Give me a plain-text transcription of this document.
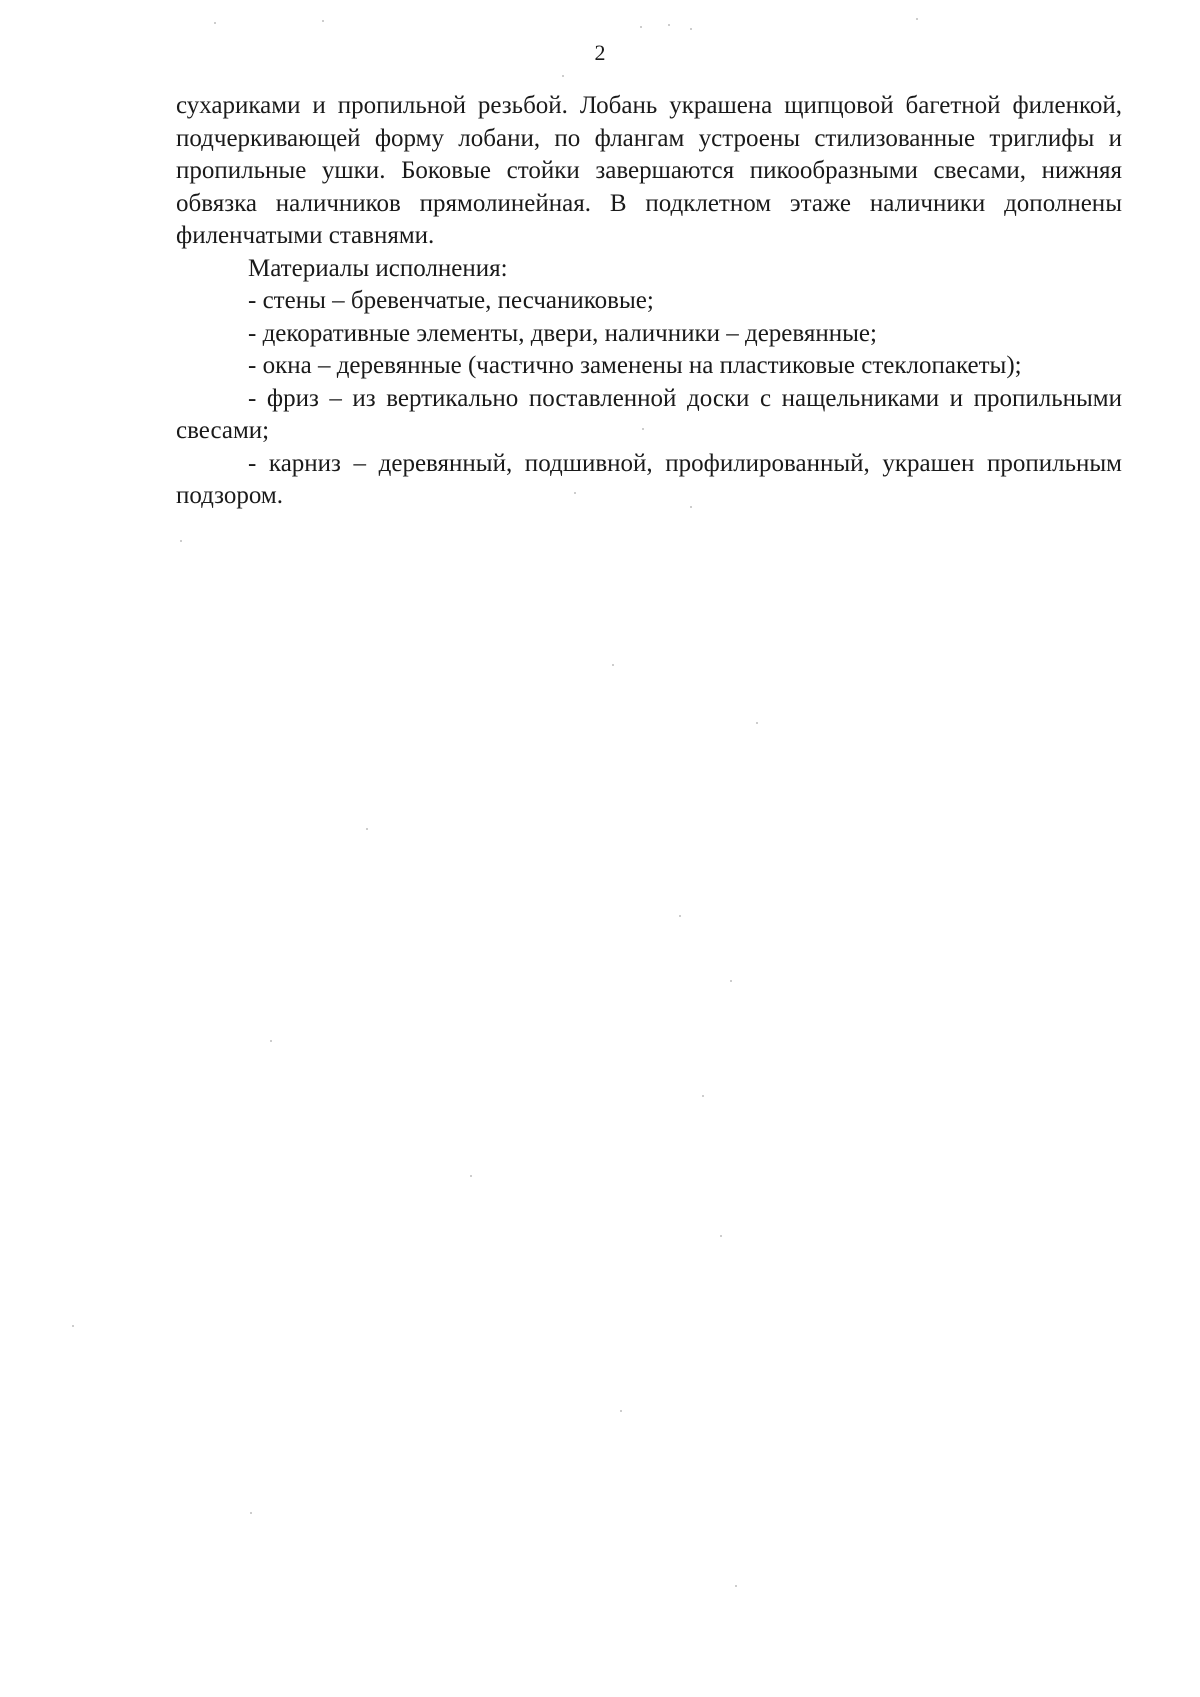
2

сухариками и пропильной резьбой. Лобань украшена щипцовой багетной филенкой, подчеркивающей форму лобани, по флангам устроены стилизованные триглифы и пропильные ушки. Боковые стойки завершаются пикообразными свесами, нижняя обвязка наличников прямолинейная. В подклетном этаже наличники дополнены филенчатыми ставнями.

Материалы исполнения:

- стены – бревенчатые, песчаниковые;

- декоративные элементы, двери, наличники – деревянные;

- окна – деревянные (частично заменены на пластиковые стеклопакеты);

- фриз – из вертикально поставленной доски с нащельниками и пропильными свесами;

- карниз – деревянный, подшивной, профилированный, украшен пропильным подзором.
